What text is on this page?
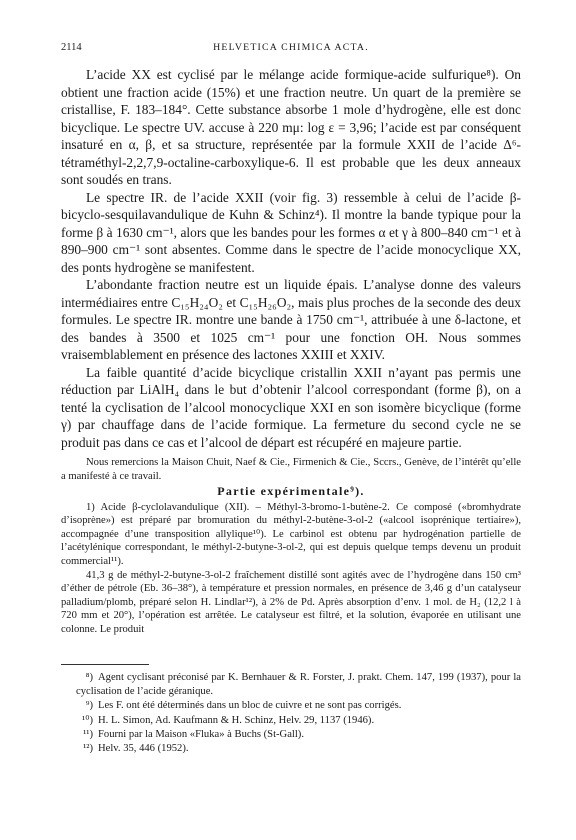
2114	HELVETICA CHIMICA ACTA.

L’acide XX est cyclisé par le mélange acide formique-acide sulfurique⁸). On obtient une fraction acide (15%) et une fraction neutre. Un quart de la première se cristallise, F. 183–184°. Cette substance absorbe 1 mole d’hydrogène, elle est donc bicyclique. Le spectre UV. accuse à 220 mμ: log ε = 3,96; l’acide est par conséquent insaturé en α, β, et sa structure, représentée par la formule XXII de l’acide Δ⁶-tétraméthyl-2,2,7,9-octaline-carboxylique-6. Il est probable que les deux anneaux sont soudés en trans.

Le spectre IR. de l’acide XXII (voir fig. 3) ressemble à celui de l’acide β-bicyclo-sesquilavandulique de Kuhn & Schinz⁴). Il montre la bande typique pour la forme β à 1630 cm⁻¹, alors que les bandes pour les formes α et γ à 800–840 cm⁻¹ et à 890–900 cm⁻¹ sont absentes. Comme dans le spectre de l’acide monocyclique XX, des ponts hydrogène se manifestent.

L’abondante fraction neutre est un liquide épais. L’analyse donne des valeurs intermédiaires entre C₁₅H₂₄O₂ et C₁₅H₂₆O₂, mais plus proches de la seconde des deux formules. Le spectre IR. montre une bande à 1750 cm⁻¹, attribuée à une δ-lactone, et des bandes à 3500 et 1025 cm⁻¹ pour une fonction OH. Nous sommes vraisemblablement en présence des lactones XXIII et XXIV.

La faible quantité d’acide bicyclique cristallin XXII n’ayant pas permis une réduction par LiAlH₄ dans le but d’obtenir l’alcool correspondant (forme β), on a tenté la cyclisation de l’alcool monocyclique XXI en son isomère bicyclique (forme γ) par chauffage dans de l’acide formique. La fermeture du second cycle ne se produit pas dans ce cas et l’alcool de départ est récupéré en majeure partie.

Nous remercions la Maison Chuit, Naef & Cie., Firmenich & Cie., Sccrs., Genève, de l’intérêt qu’elle a manifesté à ce travail.

Partie expérimentale⁹).

1) Acide β-cyclolavandulique (XII). – Méthyl-3-bromo-1-butène-2. Ce composé («bromhydrate d’isoprène») est préparé par bromuration du méthyl-2-butène-3-ol-2 («alcool isoprénique tertiaire»), accompagnée d’une transposition allylique¹⁰). Le carbinol est obtenu par hydrogénation partielle de l’acétylénique correspondant, le méthyl-2-butyne-3-ol-2, qui est depuis quelque temps devenu un produit commercial¹¹).

41,3 g de méthyl-2-butyne-3-ol-2 fraîchement distillé sont agités avec de l’hydrogène dans 150 cm³ d’éther de pétrole (Eb. 36–38°), à température et pression normales, en présence de 3,46 g d’un catalyseur palladium/plomb, préparé selon H. Lindlar¹²), à 2% de Pd. Après absorption d’env. 1 mol. de H₂ (12,2 l à 720 mm et 20°), l’opération est arrêtée. Le catalyseur est filtré, et la solution, évaporée en utilisant une colonne. Le produit

⁸) Agent cyclisant préconisé par K. Bernhauer & R. Forster, J. prakt. Chem. 147, 199 (1937), pour la cyclisation de l’acide géranique.

⁹) Les F. ont été déterminés dans un bloc de cuivre et ne sont pas corrigés.

¹⁰) H. L. Simon, Ad. Kaufmann & H. Schinz, Helv. 29, 1137 (1946).

¹¹) Fourni par la Maison «Fluka» à Buchs (St-Gall).

¹²) Helv. 35, 446 (1952).
